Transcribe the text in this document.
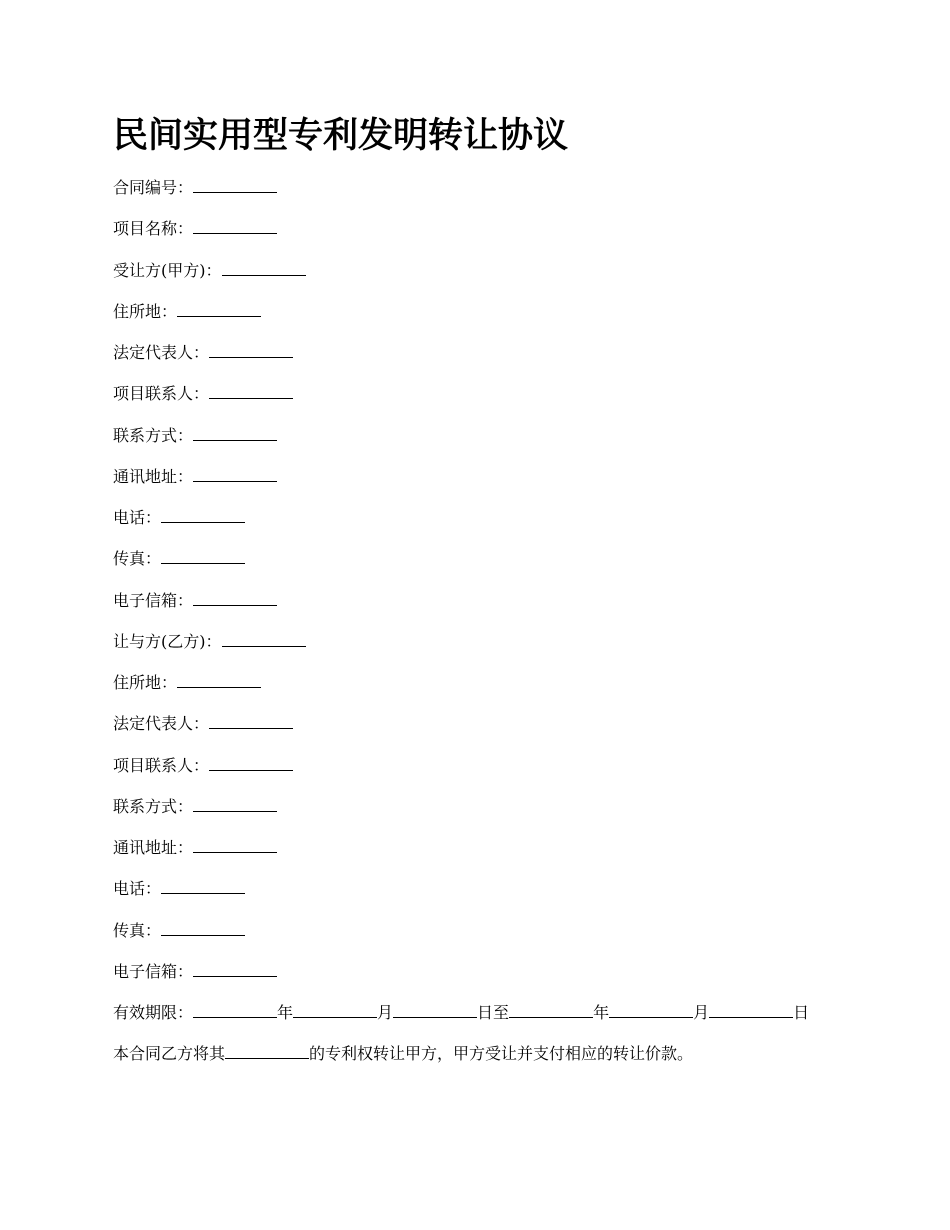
民间实用型专利发明转让协议
合同编号：
项目名称：
受让方(甲方)：
住所地：
法定代表人：
项目联系人：
联系方式：
通讯地址：
电话：
传真：
电子信箱：
让与方(乙方)：
住所地：
法定代表人：
项目联系人：
联系方式：
通讯地址：
电话：
传真：
电子信箱：
有效期限：	年	月	日至	年	月	日
本合同乙方将其	的专利权转让甲方，甲方受让并支付相应的转让价款。
